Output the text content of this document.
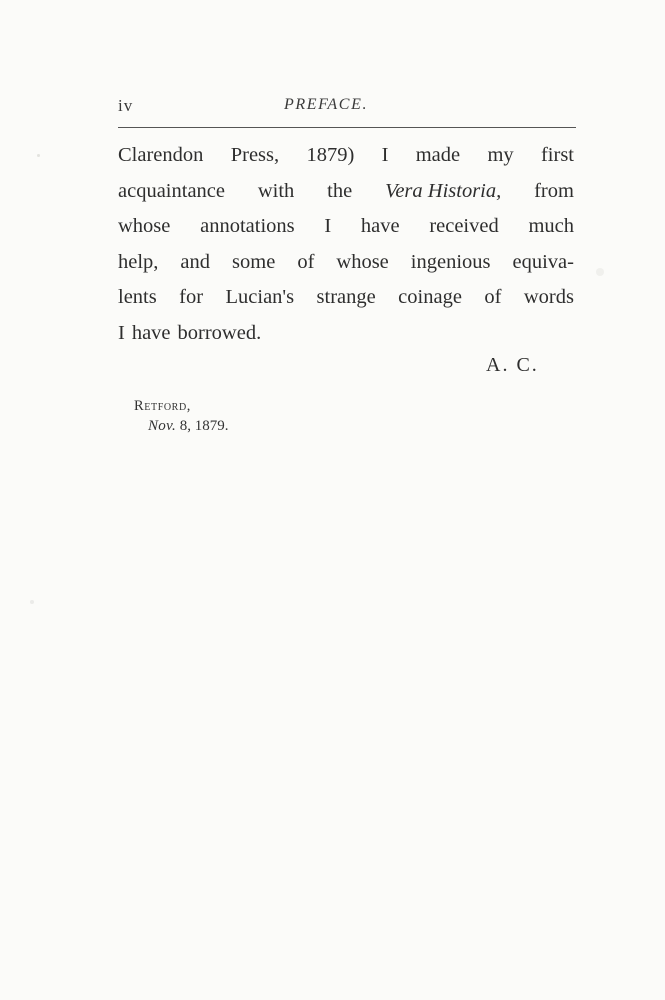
iv	PREFACE.
Clarendon Press, 1879) I made my first
acquaintance with the Vera Historia, from
whose annotations I have received much
help, and some of whose ingenious equiva-
lents for Lucian's strange coinage of words
I have borrowed.
A. C.
Retford,
Nov. 8, 1879.
